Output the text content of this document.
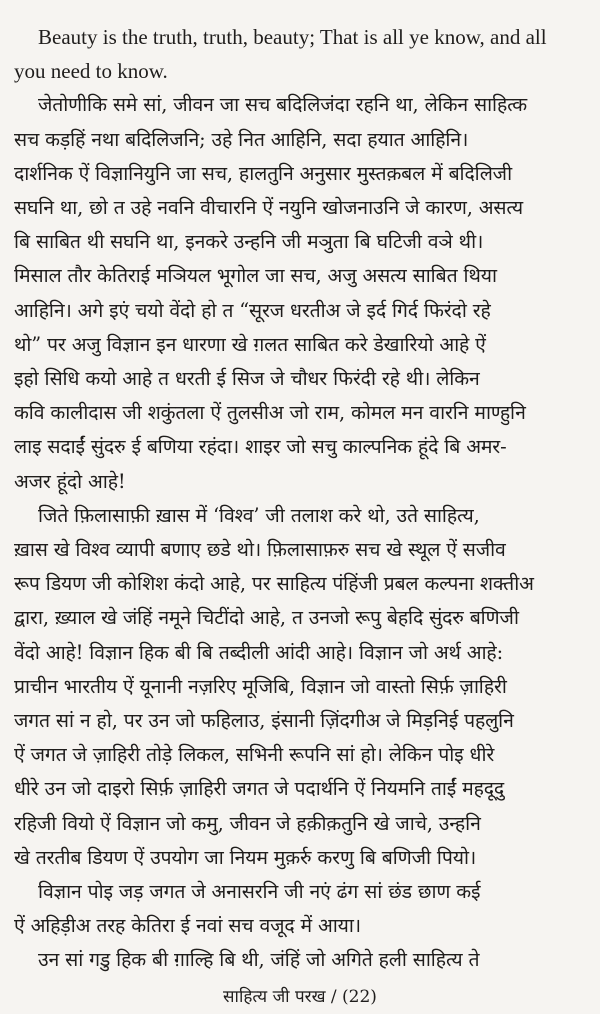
Beauty is the truth, truth, beauty; That is all ye know, and all
you need to know.
जेतोणीकि समे सां, जीवन जा सच बदिलिजंदा रहनि था, लेकिन साहित्क
सच कड़हिं नथा बदिलिजनि; उहे नित आहिनि, सदा हयात आहिनि।
दार्शनिक ऐं विज्ञानियुनि जा सच, हालतुनि अनुसार मुस्तक़बल में बदिलिजी
सघनि था, छो त उहे नवनि वीचारनि ऐं नयुनि खोजनाउनि जे कारण, असत्य
बि साबित थी सघनि था, इनकरे उन्हनि जी मञुता बि घटिजी वञे थी।
मिसाल तौर केतिराई मञियल भूगोल जा सच, अजु असत्य साबित थिया
आहिनि। अगे इएं चयो वेंदो हो त “सूरज धरतीअ जे इर्द गिर्द फिरंदो रहे
थो” पर अजु विज्ञान इन धारणा खे ग़लत साबित करे डेखारियो आहे ऐं
इहो सिधि कयो आहे त धरती ई सिज जे चौधर फिरंदी रहे थी। लेकिन
कवि कालीदास जी शकुंतला ऐं तुलसीअ जो राम, कोमल मन वारनि माण्हुनि
लाइ सदाईं सुंदरु ई बणिया रहंदा। शाइर जो सचु काल्पनिक हूंदे बि अमर-
अजर हूंदो आहे!
जिते फ़िलासाफ़ी ख़ास में ‘विश्व’ जी तलाश करे थो, उते साहित्य,
ख़ास खे विश्व व्यापी बणाए छडे थो। फ़िलासाफ़रु सच खे स्थूल ऐं सजीव
रूप डियण जी कोशिश कंदो आहे, पर साहित्य पंहिंजी प्रबल कल्पना शक्तीअ
द्वारा, ख़्याल खे जंहिं नमूने चिटींदो आहे, त उनजो रूपु बेहदि सुंदरु बणिजी
वेंदो आहे! विज्ञान हिक बी बि तब्दीली आंदी आहे। विज्ञान जो अर्थ आहे:
प्राचीन भारतीय ऐं यूनानी नज़रिए मूजिबि, विज्ञान जो वास्तो सिर्फ़ ज़ाहिरी
जगत सां न हो, पर उन जो फहिलाउ, इंसानी ज़िंदगीअ जे मिड़निई पहलुनि
ऐं जगत जे ज़ाहिरी तोड़े लिकल, सभिनी रूपनि सां हो। लेकिन पोइ धीरे
धीरे उन जो दाइरो सिर्फ़ ज़ाहिरी जगत जे पदार्थनि ऐं नियमनि ताईं महदूदु
रहिजी वियो ऐं विज्ञान जो कमु, जीवन जे हक़ीक़तुनि खे जाचे, उन्हनि
खे तरतीब डियण ऐं उपयोग जा नियम मुक़र्रु करणु बि बणिजी पियो।
विज्ञान पोइ जड़ जगत जे अनासरनि जी नएं ढंग सां छंड छाण कई
ऐं अहिड़ीअ तरह केतिरा ई नवां सच वजूद में आया।
उन सां गडु हिक बी ग़ाल्हि बि थी, जंहिं जो अगिते हली साहित्य ते
साहित्य जी परख / (22)
